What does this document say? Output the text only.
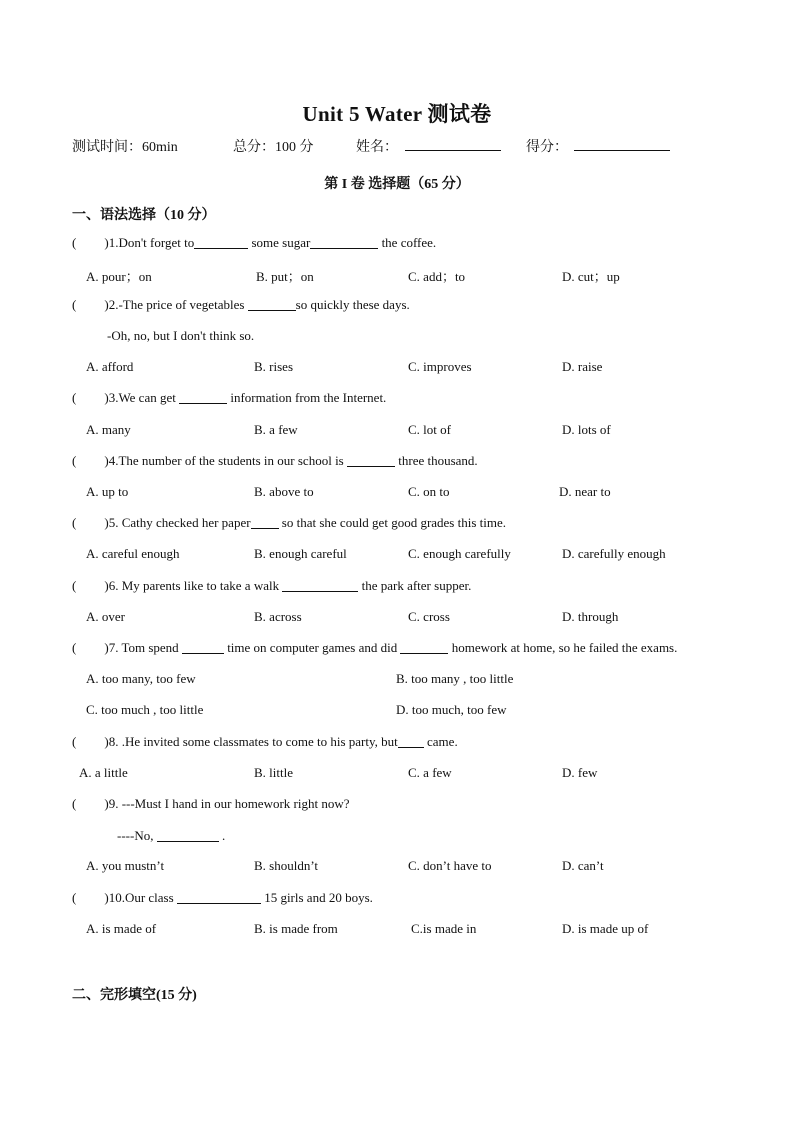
Unit 5 Water 测试卷
测试时间：60min	总分：100 分	姓名：	得分：
第 I 卷 选择题（65 分）
一、语法选择（10 分）
( )1.Don't forget to	some sugar	the coffee.
A. pour；on	B. put；on	C. add；to	D. cut；up
( )2.-The price of vegetables	so quickly these days.
-Oh, no, but I don't think so.
A. afford	B. rises	C. improves	D. raise
( )3.We can get	information from the Internet.
A. many	B. a few	C. lot of	D. lots of
( )4.The number of the students in our school is	three thousand.
A. up to	B. above to	C. on to	D. near to
( )5. Cathy checked her paper so that she could get good grades this time.
A. careful enough	B. enough careful	C. enough carefully	D. carefully enough
( )6. My parents like to take a walk	the park after supper.
A. over	B. across	C. cross	D. through
( )7. Tom spend	time on computer games and did	homework at home, so he failed the exams.
A. too many, too few	B. too many , too little
C. too much , too little	D. too much, too few
( )8. .He invited some classmates to come to his party, but came.
A. a little	B. little	C. a few	D. few
( )9. ---Must I hand in our homework right now?
----No,	.
A. you mustn’t	B. shouldn’t	C. don’t have to	D. can’t
( )10.Our class	15 girls and 20 boys.
A. is made of	B. is made from	C.is made in	D. is made up of
二、完形填空(15 分)
